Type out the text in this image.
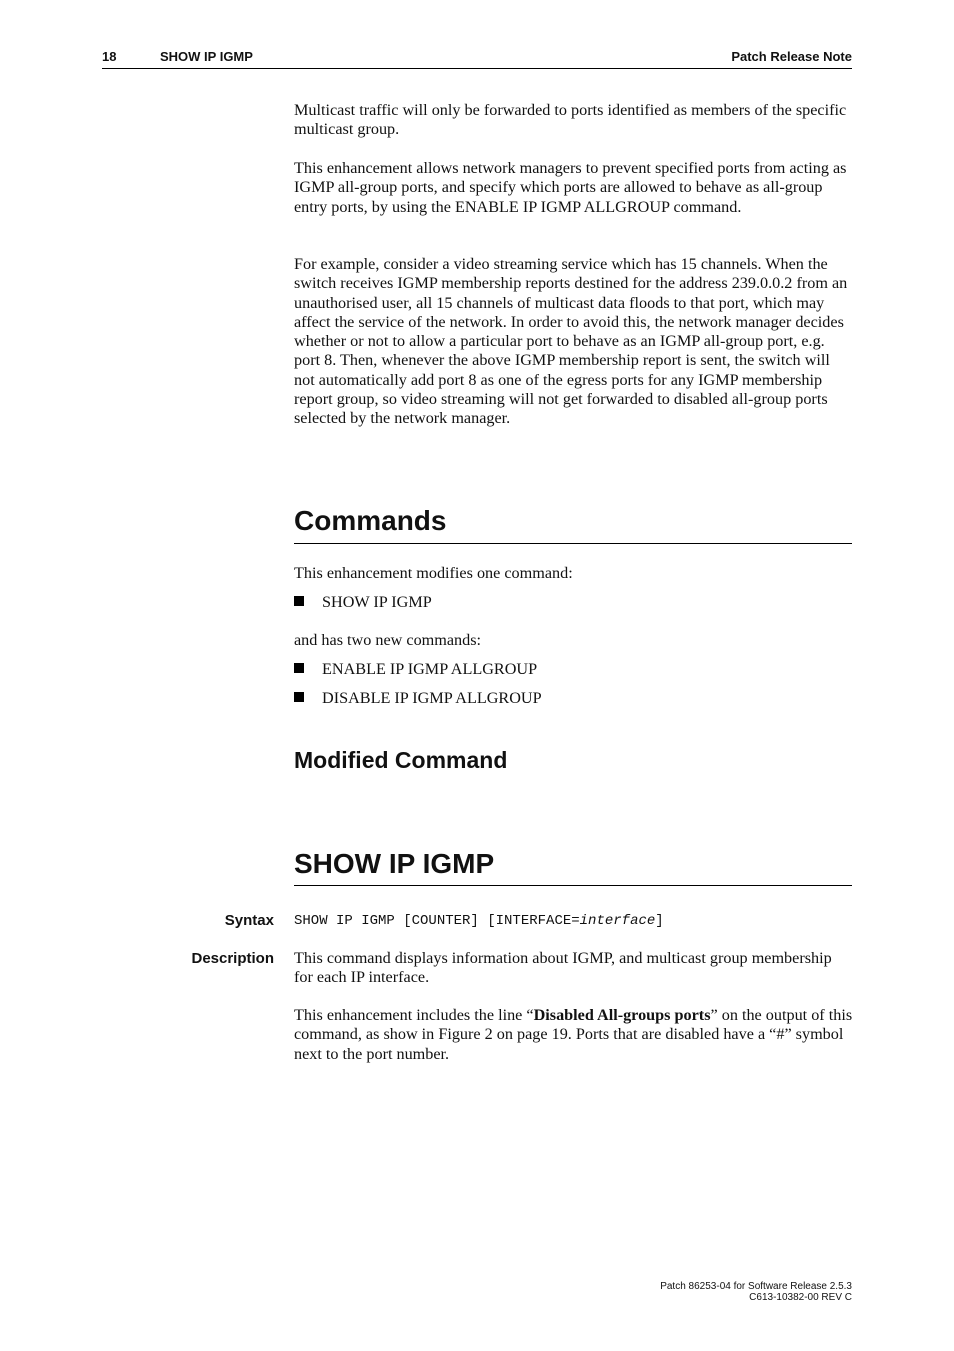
18	SHOW IP IGMP	Patch Release Note

Multicast traffic will only be forwarded to ports identified as members of the specific multicast group.

This enhancement allows network managers to prevent specified ports from acting as IGMP all-group ports, and specify which ports are allowed to behave as all-group entry ports, by using the ENABLE IP IGMP ALLGROUP command.

For example, consider a video streaming service which has 15 channels. When the switch receives IGMP membership reports destined for the address 239.0.0.2 from an unauthorised user, all 15 channels of multicast data floods to that port, which may affect the service of the network. In order to avoid this, the network manager decides whether or not to allow a particular port to behave as an IGMP all-group port, e.g. port 8. Then, whenever the above IGMP membership report is sent, the switch will not automatically add port 8 as one of the egress ports for any IGMP membership report group, so video streaming will not get forwarded to disabled all-group ports selected by the network manager.

Commands

This enhancement modifies one command:

SHOW IP IGMP

and has two new commands:

ENABLE IP IGMP ALLGROUP
DISABLE IP IGMP ALLGROUP
Modified Command
SHOW IP IGMP
Syntax SHOW IP IGMP [COUNTER] [INTERFACE=interface]
Description This command displays information about IGMP, and multicast group membership for each IP interface.

This enhancement includes the line “Disabled All-groups ports” on the output of this command, as show in Figure 2 on page 19. Ports that are disabled have a “#” symbol next to the port number.

Patch 86253-04 for Software Release 2.5.3
C613-10382-00 REV C
